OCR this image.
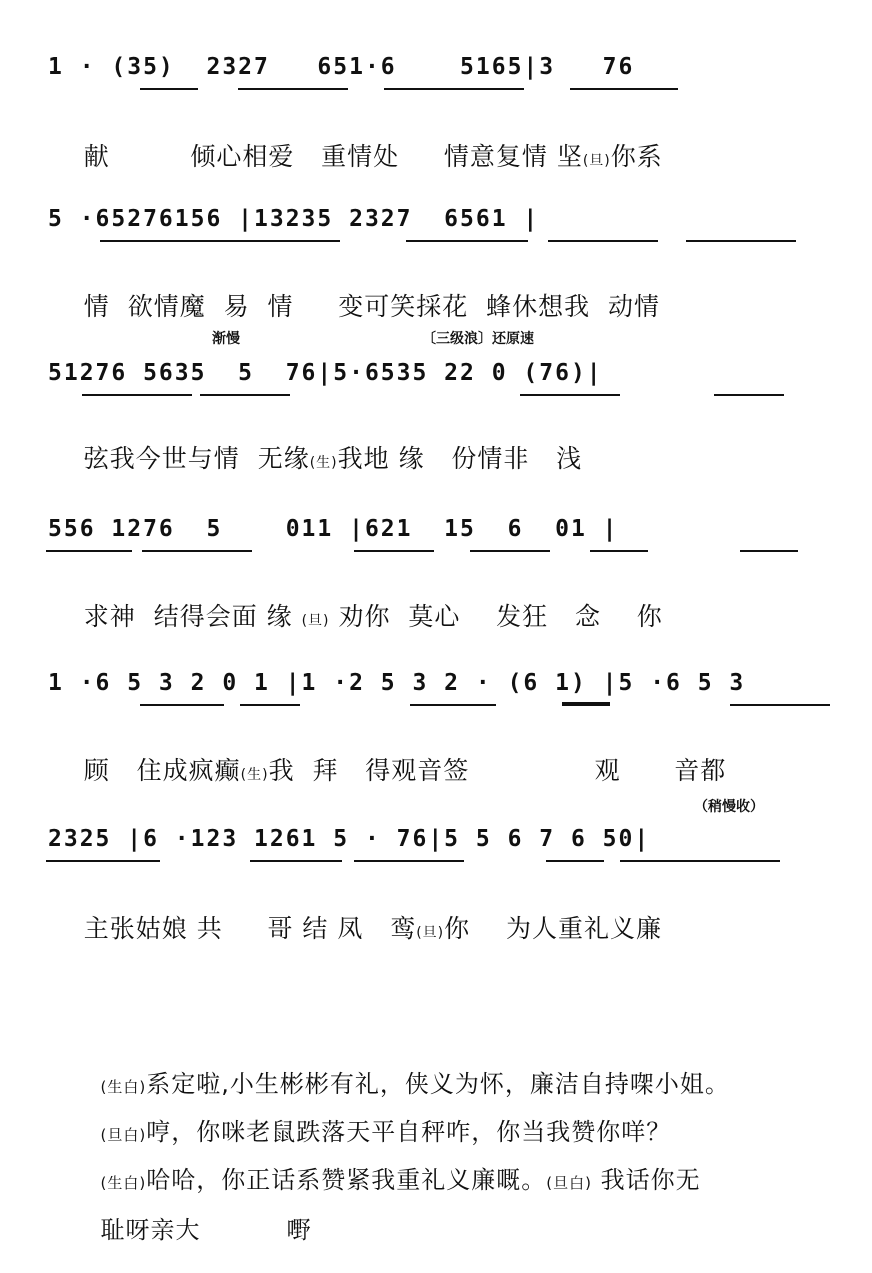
1 · (35)  2327   651·6    5165|3   76

献         倾心相爱   重情处     情意复情 坚(旦)你系

5 ·65276156 |13235 2327  6561 |

情  欲情魔  易  情     变可笑採花  蜂休想我  动情

渐慢	〔三级浪〕还原速
51276 5635  5  76|5·6535 22 0 (76)|

弦我今世与情  无缘(生)我地 缘   份情非   浅

556 1276  5    011 |621  15  6  01 |

求神  结得会面 缘 (旦) 劝你  莫心    发狂   念    你

1 ·6 5 3 2 0 1 |1 ·2 5 3 2 · (6 1) |5 ·6 5 3

顾   住成疯癫(生)我  拜   得观音签              观      音都

（稍慢收）
2325 |6 ·123 1261 5 · 76|5 5 6 7 6 50|

主张姑娘 共     哥 结 凤   鸾(旦)你    为人重礼义廉

(生白)系定啦,小生彬彬有礼，侠义为怀，廉洁自持㗎小姐。

(旦白)哼，你咪老鼠跌落天平自秤咋，你当我赞你咩？

(生白)哈哈，你正话系赞紧我重礼义廉嘅。(旦白) 我话你无

耻呀亲大          嘢
